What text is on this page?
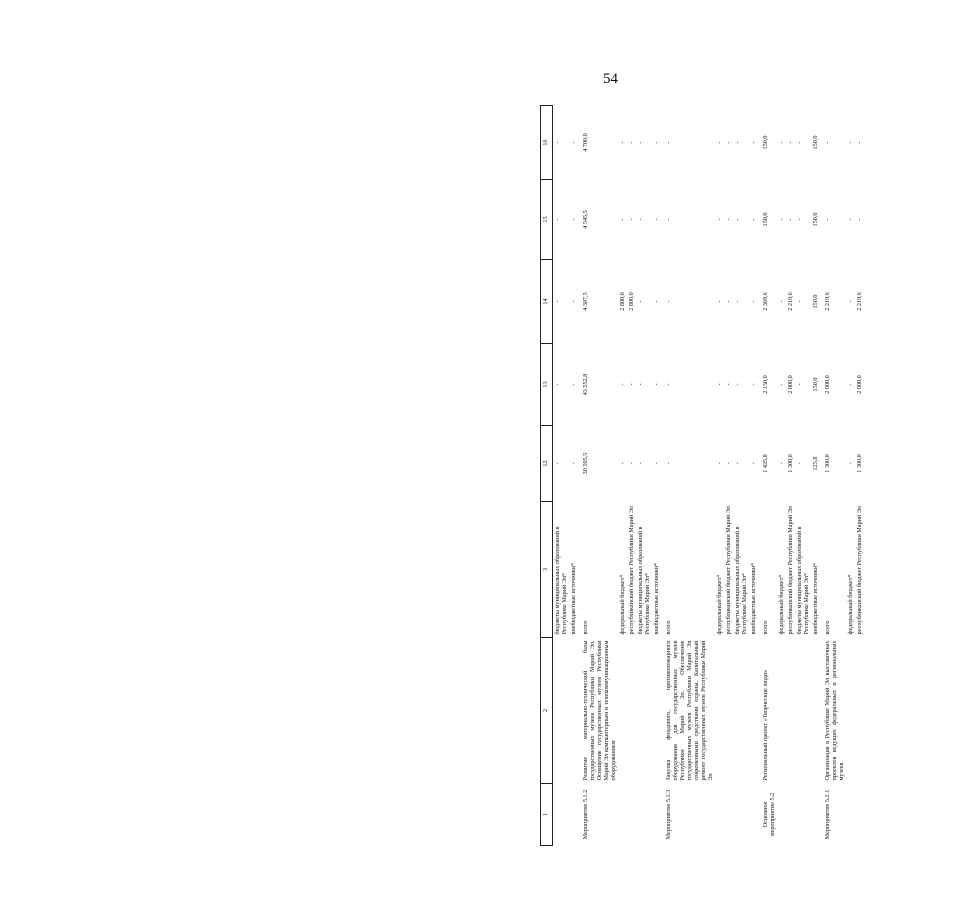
54
1	2	3	12	13	14	15	16
		бюджеты муниципальных образований в Республике Марий Эл*	-	-	-	-	-
		внебюджетные источники*	-	-	-	-	-
Мероприятие 5.1.2	Развитие материально-технической базы государственных музеев Республики Марий Эл. Оснащение государственных музеев Республики Марий Эл компьютерным и телекоммуникационным оборудованием	всего	30 505,5	43 552,8	4 387,5	4 545,5	4 700,0
		федеральный бюджет*	-	-	2 800,0	-	-
		республиканский бюджет Республики Марий Эл	-	-	2 800,0	-	-
		бюджеты муниципальных образований в Республике Марий Эл*	-	-	-	-	-
		внебюджетные источники*	-	-	-	-	-
Мероприятие 5.1.3	Закупка фондового, противопожарного оборудования для государственных музеев Республики Марий Эл. Обеспечение государственных музеев Республики Марий Эл современными средствами охраны. Капитальный ремонт государственных музеев Республики Марий Эл	всего	-	-	-	-	-
		федеральный бюджет*	-	-	-	-	-
		республиканский бюджет Республики Марий Эл	-	-	-	-	-
		бюджеты муниципальных образований в Республике Марий Эл*	-	-	-	-	-
		внебюджетные источники*	-	-	-	-	-
Основное мероприятие 5.2	Региональный проект «Творческие люди»	всего	1 425,8	2 150,0	2 369,6	150,0	150,0
		федеральный бюджет*	-	-	-	-	-
		республиканский бюджет Республики Марий Эл	1 300,0	2 000,0	2 219,6	-	-
		бюджеты муниципальных образований в Республике Марий Эл*	-	-	-	-	-
		внебюджетные источники*	125,8	150,0	150,0	150,0	150,0
Мероприятие 5.2.1	Организация в Республике Марий Эл выставочных проектов ведущих федеральных и региональных музеев	всего	1 300,0	2 000,0	2 219,6	-	-
		федеральный бюджет*	-	-	-	-	-
		республиканский бюджет Республики Марий Эл	1 300,0	2 000,0	2 219,6	-	-
